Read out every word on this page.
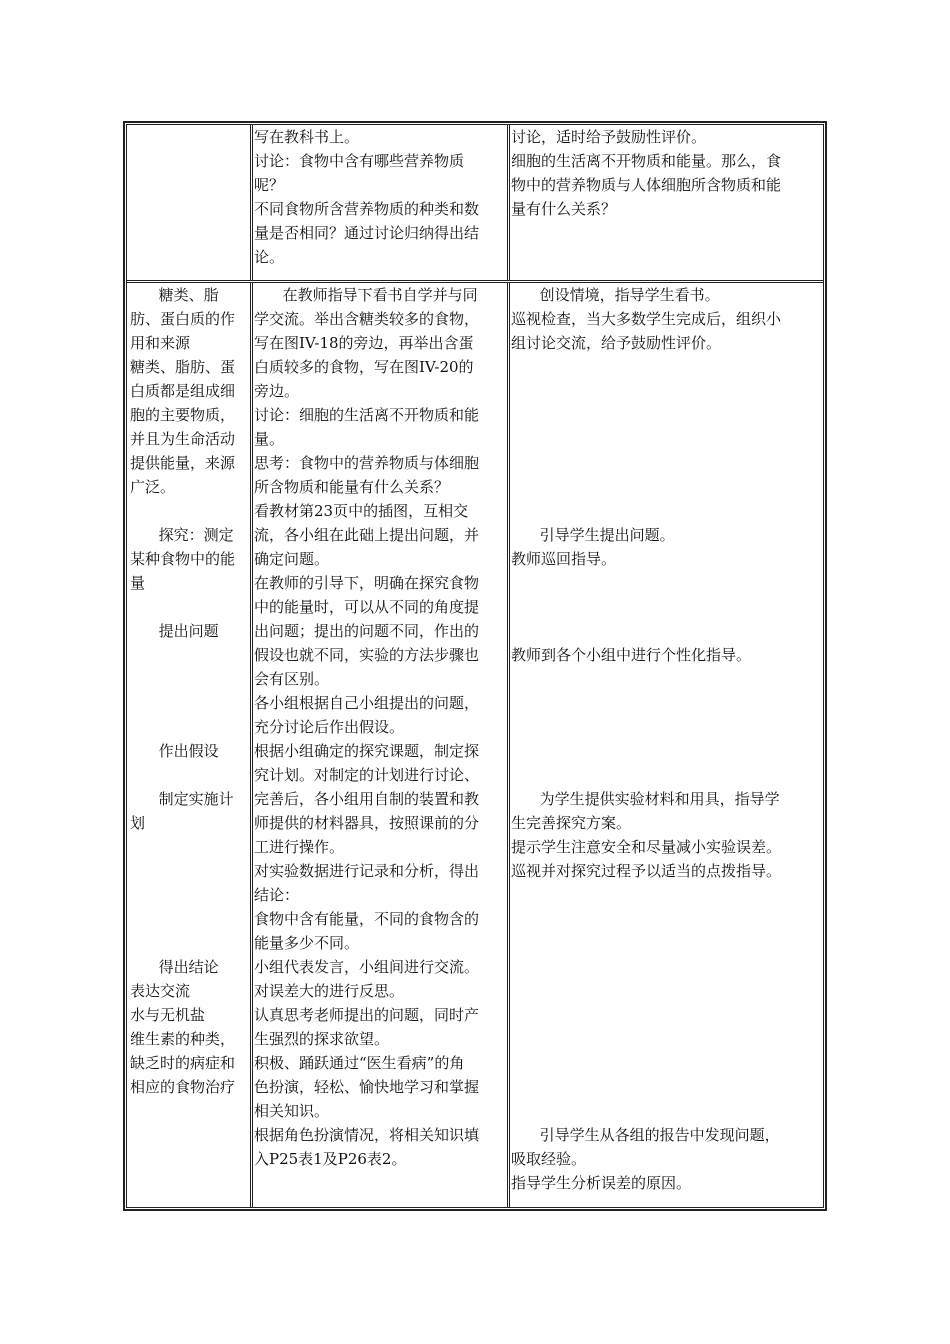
写在教科书上。

讨论：食物中含有哪些营养物质
呢？

不同食物所含营养物质的种类和数
量是否相同？通过讨论归纳得出结
论。

讨论，适时给予鼓励性评价。

细胞的生活离不开物质和能量。那么，食
物中的营养物质与人体细胞所含物质和能
量有什么关系？

糖类、脂
肪、蛋白质的作
用和来源

糖类、脂肪、蛋
白质都是组成细
胞的主要物质，
并且为生命活动
提供能量，来源
广泛。

探究：测定
某种食物中的能
量

提出问题

作出假设

制定实施计
划

得出结论

表达交流

水与无机盐

维生素的种类，
缺乏时的病症和
相应的食物治疗

在教师指导下看书自学并与同
学交流。举出含糖类较多的食物，
写在图IV-18的旁边，再举出含蛋
白质较多的食物，写在图IV-20的
旁边。

讨论：细胞的生活离不开物质和能
量。

思考：食物中的营养物质与体细胞
所含物质和能量有什么关系？

看教材第23页中的插图，互相交
流，各小组在此础上提出问题，并
确定问题。

在教师的引导下，明确在探究食物
中的能量时，可以从不同的角度提
出问题；提出的问题不同，作出的
假设也就不同，实验的方法步骤也
会有区别。

各小组根据自己小组提出的问题，
充分讨论后作出假设。

根据小组确定的探究课题，制定探
究计划。对制定的计划进行讨论、
完善后，各小组用自制的装置和教
师提供的材料器具，按照课前的分
工进行操作。

对实验数据进行记录和分析，得出
结论：

食物中含有能量，不同的食物含的
能量多少不同。

小组代表发言，小组间进行交流。

对误差大的进行反思。

认真思考老师提出的问题，同时产
生强烈的探求欲望。

积极、踊跃通过“医生看病”的角
色扮演，轻松、愉快地学习和掌握
相关知识。

根据角色扮演情况，将相关知识填
入P25表1及P26表2。

创设情境，指导学生看书。

巡视检查，当大多数学生完成后，组织小
组讨论交流，给予鼓励性评价。

引导学生提出问题。

教师巡回指导。

教师到各个小组中进行个性化指导。

为学生提供实验材料和用具，指导学
生完善探究方案。

提示学生注意安全和尽量减小实验误差。

巡视并对探究过程予以适当的点拨指导。

引导学生从各组的报告中发现问题，
吸取经验。

指导学生分析误差的原因。
